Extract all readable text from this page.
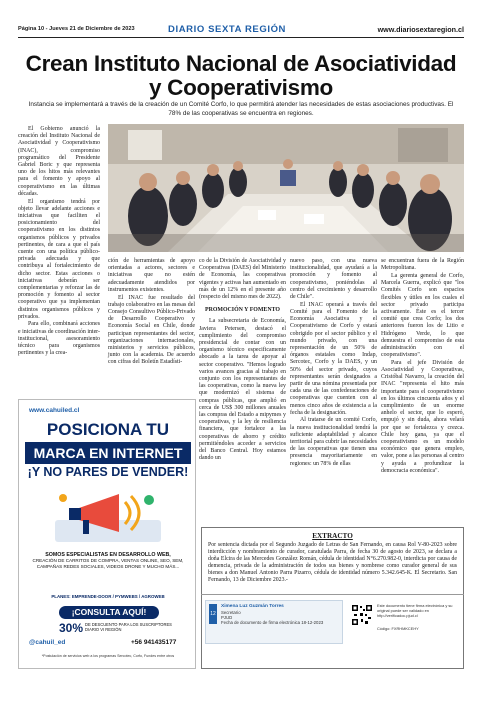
Página 10 - Jueves 21 de Diciembre de 2023	DIARIO SEXTA REGIÓN	www.diariosextaregion.cl
Crean Instituto Nacional de Asociatividad y Cooperativismo
Instancia se implementará a través de la creación de un Comité Corfo, lo que permitirá atender las necesidades de estas asociaciones productivas. El 78% de las cooperativas se encuentra en regiones.

El Gobierno anunció la creación del Instituto Nacional de Asociatividad y Cooperativismo (INAC), compromiso programático del Presidente Gabriel Boric y que representa uno de los hitos más relevantes para el fomento y apoyo al cooperativismo en las últimas décadas.

El organismo tendrá por objeto llevar adelante acciones e iniciativas que faciliten el posicionamiento del cooperativismo en los distintos organismos públicos y privados pertinentes, de cara a que el país cuente con una política público-privada adecuada y que contribuya al fortalecimiento de dicho sector. Estas acciones o iniciativas deberán ser complementarias y reforzar las de promoción y fomento al sector cooperativo que ya implementan distintos organismos públicos y privados.

Para ello, combinará acciones e iniciativas de coordinación inter-institucional, asesoramiento técnico para organismos pertinentes y la crea-

ción de herramientas de apoyo orientadas a actores, sectores e iniciativas que no estén adecuadamente atendidos por instrumentos existentes.

El INAC fue resultado del trabajo colaborativo en las mesas del Consejo Consultivo Público-Privado de Desarrollo Cooperativo y Economía Social en Chile, donde participan representantes del sector, organizaciones internacionales, ministerios y servicios públicos, junto con la academia. De acuerdo con cifras del Boletín Estadísti-

co de la División de Asociatividad y Cooperativas (DAES) del Ministerio de Economía, las cooperativas vigentes y activas han aumentado en más de un 12% en el presente año (respecto del mismo mes de 2022).

PROMOCIÓN Y FOMENTO

La subsecretaria de Economía, Javiera Petersen, destacó el cumplimiento del compromiso presidencial de contar con un organismo técnico especificamente abocado a la tarea de apoyar al sector cooperativo. "Hemos logrado varios avances gracias al trabajo en conjunto con los representantes de las cooperativas, como la nueva ley que modernizó el sistema de compras públicas, que amplió en cerca de US$ 300 millones anuales las compras del Estado a mipymes y cooperativas, y la ley de resiliencia financiera, que fortalece a las cooperativas de ahorro y crédito permitiéndoles acceder a servicios del Banco Central. Hoy estamos dando un

nuevo paso, con una nueva institucionalidad, que ayudará a la promoción y fomento al cooperativismo, poniéndolas al centro del crecimiento y desarrollo de Chile".

El INAC operará a través del Comité para el Fomento de la Economía Asociativa y el Cooperativismo de Corfo y estará cobrigido por el sector público y el mundo privado, con una representación de un 50% de órganos estatales como Indap, Sercotec, Corfo y la DAES, y un 50% del sector privado, cuyos representantes serán designados a partir de una nómina presentada por cada una de las confederaciones de cooperativas que cuenten con al menos cinco años de existencia a la fecha de la designación.

Al tratarse de un comité Corfo, la nueva institucionalidad tendrá la suficiente adaptabilidad y alcance territorial para cubrir las necesidades de las cooperativas que tienen una presencia mayoritariamente en regiones: un 78% de ellas

se encuentran fuera de la Región Metropolitana.

La gerenta general de Corfo, Marcela Guerra, explicó que "los Comités Corfo son espacios flexibles y útiles en los cuales el sector privado participa activamente. Éste es el tercer comité que crea Corfo; los dos anteriores fueron los de Litio e Hidrógeno Verde, lo que demuestra el compromiso de esta administración con el cooperativismo".

Para el jefe División de Asociatividad y Cooperativas, Cristóbal Navarro, la creación del INAC "representa el hito más importante para el cooperativismo en los últimos cincuenta años y el cumplimiento de un enorme anhelo el sector, que lo esperó, empujó y sin duda, ahora velará por que se fortalezca y crezca. Chile hoy gana, ya que el cooperativismo es un modelo económico que genera empleo, valor, pone a las personas al centro y ayuda a profundizar la democracia económica".

www.cahuiled.cl
POSICIONA TU
MARCA EN INTERNET
¡Y NO PARES DE VENDER!
SOMOS ESPECIALISTAS EN DESARROLLO WEB,
CREACIÓN DE CARRITOS DE COMPRA, VENTAS ONLINE, SEO, SEM, CAMPAÑAS REDES SOCIALES, VIDEOS DRONE Y MUCHO MÁS...
PLANES: EMPRENDE-DOOR / PYMWEBS / AGROWEB
¡CONSULTA AQUÍ!
30% DE DESCUENTO PARA LOS SUSCRIPTORES DIARIO VI REGIÓN
@cahuil_ed	+56 941435177
*Postulación de servicios web a los programas Sercotec, Corfo, Fundes entre otros
EXTRACTO
Por sentencia dictada por el Segundo Juzgado de Letras de San Fernando, en causa Rol V-80-2023 sobre interdicción y nombramiento de curador, caratulada Parra, de fecha 30 de agosto de 2023, se declara a doña Elcira de las Mercedes González Román, cédula de identidad N°6.270.982-0, interdicta por causa de demencia, privada de la administración de todos sus bienes y nombrese como curador general de sus bienes a don Manuel Antonio Parra Pizarro, cédula de identidad número 5.342.645-K. El Secretario. San Fernando, 13 de Diciembre 2023.-
12
Ximena Luz Guzmán Torres
Secretario
PJUD
Fecha de documento de firma electrónica 18-12-2023
Este documento tiene firma electrónica y su original puede ser validado en http://verificadoc.pjud.cl
Código: FXRHMKCEHY
